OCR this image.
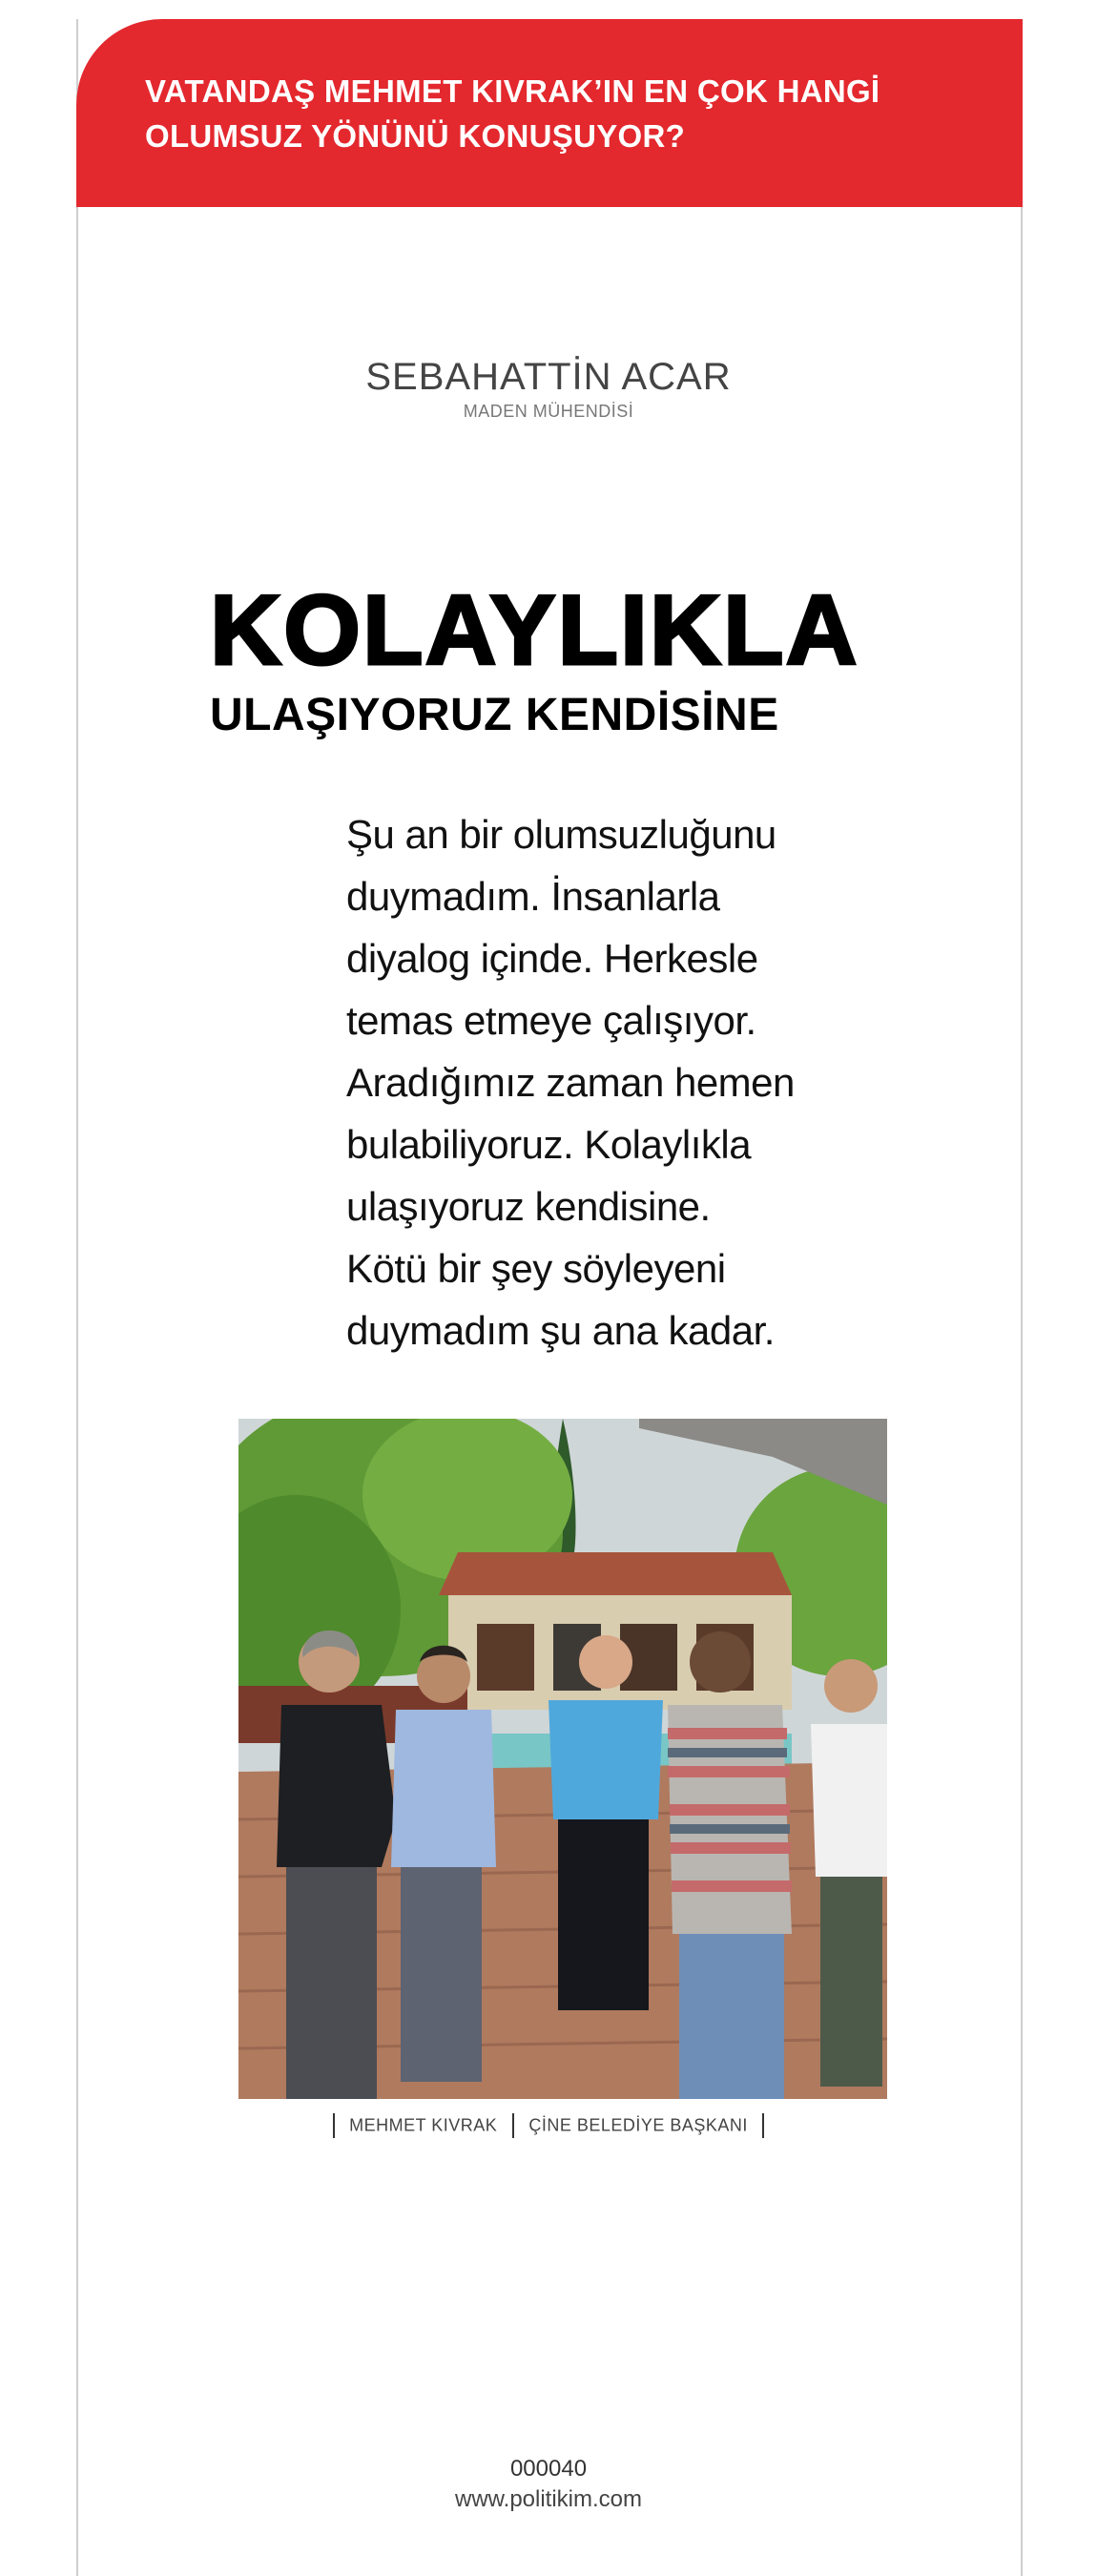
VATANDAŞ MEHMET KIVRAK’IN EN ÇOK HANGİ
OLUMSUZ YÖNÜNÜ KONUŞUYOR?
SEBAHATTİN ACAR
MADEN MÜHENDİSİ
KOLAYLIKLA
ULAŞIYORUZ KENDİSİNE
Şu an bir olumsuzluğunu
duymadım. İnsanlarla
diyalog içinde. Herkesle
temas etmeye çalışıyor.
Aradığımız zaman hemen
bulabiliyoruz. Kolaylıkla
ulaşıyoruz kendisine.
Kötü bir şey söyleyeni
duymadım şu ana kadar.
MEHMET KIVRAK ÇİNE BELEDİYE BAŞKANI
000040
www.politikim.com
